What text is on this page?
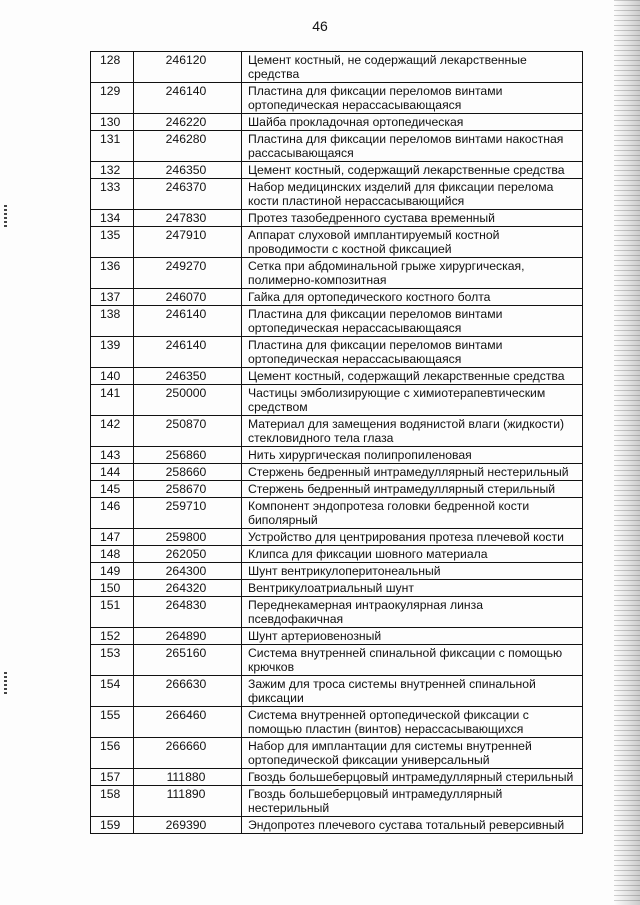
46
128	246120	Цемент костный, не содержащий лекарственные средства
129	246140	Пластина для фиксации переломов винтами ортопедическая нерассасывающаяся
130	246220	Шайба прокладочная ортопедическая
131	246280	Пластина для фиксации переломов винтами накостная рассасывающаяся
132	246350	Цемент костный, содержащий лекарственные средства
133	246370	Набор медицинских изделий для фиксации перелома кости пластиной нерассасывающийся
134	247830	Протез тазобедренного сустава временный
135	247910	Аппарат слуховой имплантируемый костной проводимости с костной фиксацией
136	249270	Сетка при абдоминальной грыже хирургическая, полимерно-композитная
137	246070	Гайка для ортопедического костного болта
138	246140	Пластина для фиксации переломов винтами ортопедическая нерассасывающаяся
139	246140	Пластина для фиксации переломов винтами ортопедическая нерассасывающаяся
140	246350	Цемент костный, содержащий лекарственные средства
141	250000	Частицы эмболизирующие с химиотерапевтическим средством
142	250870	Материал для замещения водянистой влаги (жидкости) стекловидного тела глаза
143	256860	Нить хирургическая полипропиленовая
144	258660	Стержень бедренный интрамедуллярный нестерильный
145	258670	Стержень бедренный интрамедуллярный стерильный
146	259710	Компонент эндопротеза головки бедренной кости биполярный
147	259800	Устройство для центрирования протеза плечевой кости
148	262050	Клипса для фиксации шовного материала
149	264300	Шунт вентрикулоперитонеальный
150	264320	Вентрикулоатриальный шунт
151	264830	Переднекамерная интраокулярная линза псевдофакичная
152	264890	Шунт артериовенозный
153	265160	Система внутренней спинальной фиксации с помощью крючков
154	266630	Зажим для троса системы внутренней спинальной фиксации
155	266460	Система внутренней ортопедической фиксации с помощью пластин (винтов) нерассасывающихся
156	266660	Набор для имплантации для системы внутренней ортопедической фиксации универсальный
157	111880	Гвоздь большеберцовый интрамедуллярный стерильный
158	111890	Гвоздь большеберцовый интрамедуллярный нестерильный
159	269390	Эндопротез плечевого сустава тотальный реверсивный
